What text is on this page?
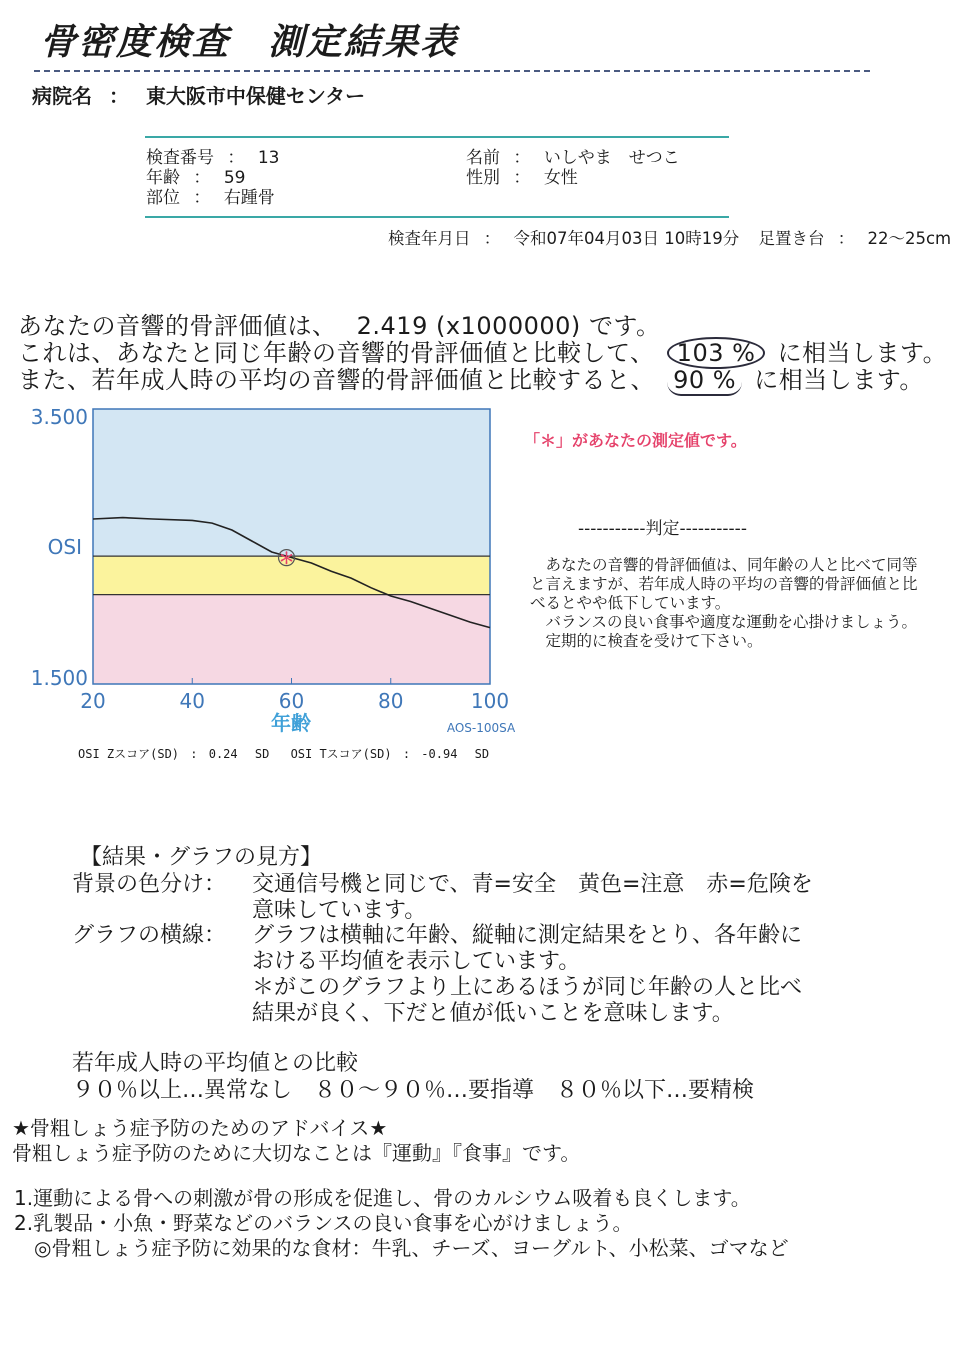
骨密度検査　測定結果表
病院名 ： 東大阪市中保健センター
検査番号 ： 13
年齢 ： 59
部位 ： 右踵骨
名前 ： いしやま　せつこ
性別 ： 女性
検査年月日 ： 令和07年04月03日 10時19分 足置き台 ： 22～25cm
あなたの音響的骨評価値は、 2.419 (x1000000) です。
これは、あなたと同じ年齢の音響的骨評価値と比較して、 103 % に相当します。
また、若年成人時の平均の音響的骨評価値と比較すると、 90 % に相当します。
＊
3.500
OSI
1.500
20	40	60	80	100
年齢	AOS-100SA
「＊」があなたの測定値です。
-----------判定-----------
　あなたの音響的骨評価値は、同年齢の人と比べて同等と言えますが、若年成人時の平均の音響的骨評価値と比べるとやや低下しています。
　バランスの良い食事や適度な運動を心掛けましょう。
　定期的に検査を受けて下さい。
OSI Zスコア(SD) : 0.24 SD OSI Tスコア(SD) : -0.94 SD
【結果・グラフの見方】
背景の色分け： 交通信号機と同じで、青=安全　黄色=注意　赤=危険を
意味しています。
グラフの横線： グラフは横軸に年齢、縦軸に測定結果をとり、各年齢に
おける平均値を表示しています。
＊がこのグラフより上にあるほうが同じ年齢の人と比べ
結果が良く、下だと値が低いことを意味します。
若年成人時の平均値との比較
９０％以上…異常なし　８０～９０％…要指導　８０％以下…要精検
★骨粗しょう症予防のためのアドバイス★
骨粗しょう症予防のために大切なことは『運動』『食事』です。
1.運動による骨への刺激が骨の形成を促進し、骨のカルシウム吸着も良くします。
2.乳製品・小魚・野菜などのバランスの良い食事を心がけましょう。
　◎骨粗しょう症予防に効果的な食材：牛乳、チーズ、ヨーグルト、小松菜、ゴマなど
